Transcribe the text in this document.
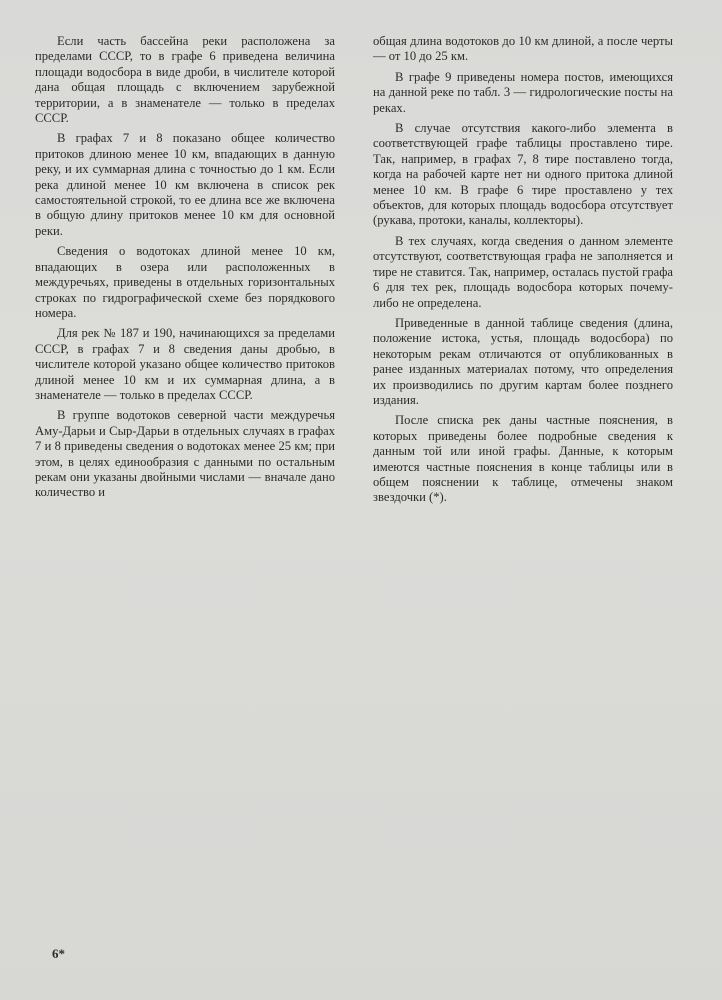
Если часть бассейна реки расположена за пределами СССР, то в графе 6 приведена величина площади водосбора в виде дроби, в числителе которой дана общая площадь с включением зарубежной территории, а в знаменателе — только в пределах СССР.

В графах 7 и 8 показано общее количество притоков длиною менее 10 км, впадающих в данную реку, и их суммарная длина с точностью до 1 км. Если река длиной менее 10 км включена в список рек самостоятельной строкой, то ее длина все же включена в общую длину притоков менее 10 км для основной реки.

Сведения о водотоках длиной менее 10 км, впадающих в озера или расположенных в междуречьях, приведены в отдельных горизонтальных строках по гидрографической схеме без порядкового номера.

Для рек № 187 и 190, начинающихся за пределами СССР, в графах 7 и 8 сведения даны дробью, в числителе которой указано общее количество притоков длиной менее 10 км и их суммарная длина, а в знаменателе — только в пределах СССР.

В группе водотоков северной части междуречья Аму-Дарьи и Сыр-Дарьи в отдельных случаях в графах 7 и 8 приведены сведения о водотоках менее 25 км; при этом, в целях единообразия с данными по остальным рекам они указаны двойными числами — вначале дано количество и

общая длина водотоков до 10 км длиной, а после черты — от 10 до 25 км.

В графе 9 приведены номера постов, имеющихся на данной реке по табл. 3 — гидрологические посты на реках.

В случае отсутствия какого-либо элемента в соответствующей графе таблицы проставлено тире. Так, например, в графах 7, 8 тире поставлено тогда, когда на рабочей карте нет ни одного притока длиной менее 10 км. В графе 6 тире проставлено у тех объектов, для которых площадь водосбора отсутствует (рукава, протоки, каналы, коллекторы).

В тех случаях, когда сведения о данном элементе отсутствуют, соответствующая графа не заполняется и тире не ставится. Так, например, осталась пустой графа 6 для тех рек, площадь водосбора которых почему-либо не определена.

Приведенные в данной таблице сведения (длина, положение истока, устья, площадь водосбора) по некоторым рекам отличаются от опубликованных в ранее изданных материалах потому, что определения их производились по другим картам более позднего издания.

После списка рек даны частные пояснения, в которых приведены более подробные сведения к данным той или иной графы. Данные, к которым имеются частные пояснения в конце таблицы или в общем пояснении к таблице, отмечены знаком звездочки (*).

6*
